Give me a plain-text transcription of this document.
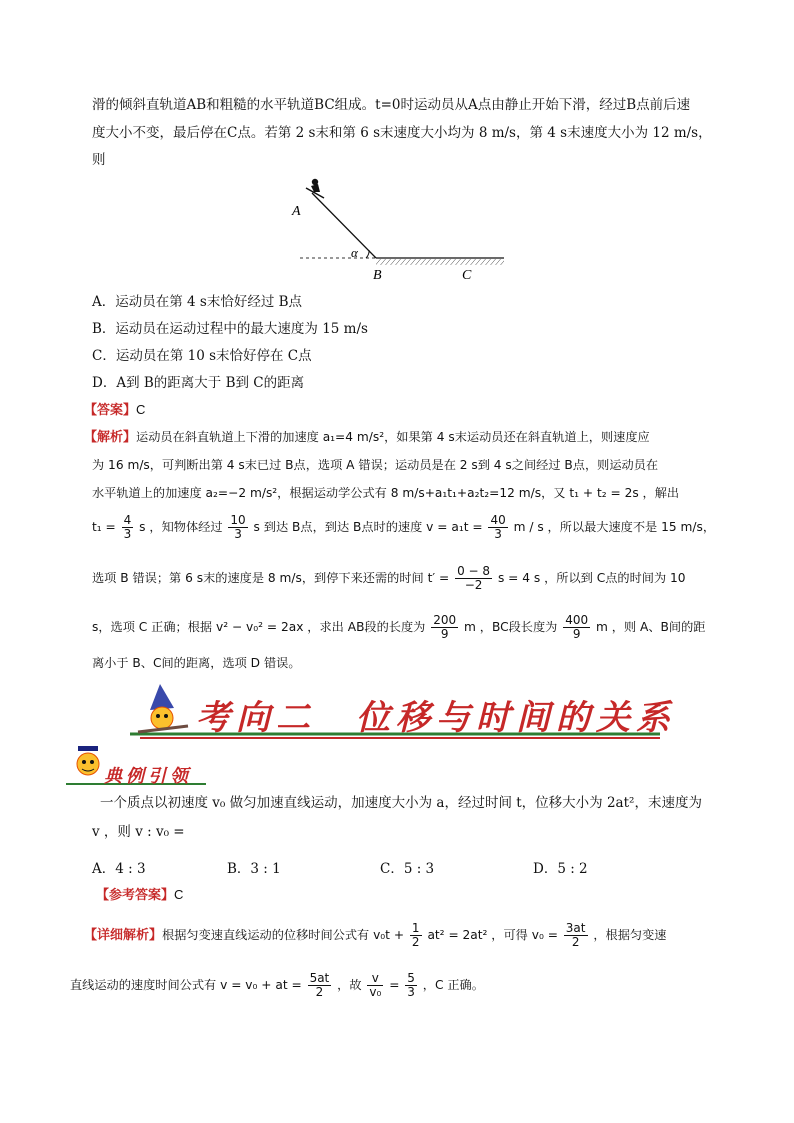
滑的倾斜直轨道AB和粗糙的水平轨道BC组成。t=0时运动员从A点由静止开始下滑，经过B点前后速
度大小不变，最后停在C点。若第 2 s末和第 6 s末速度大小均为 8 m/s，第 4 s末速度大小为 12 m/s，
则
A
α
B	C
A．运动员在第 4 s末恰好经过 B点
B．运动员在运动过程中的最大速度为 15 m/s
C．运动员在第 10 s末恰好停在 C点
D．A到 B的距离大于 B到 C的距离
【答案】C
【解析】运动员在斜直轨道上下滑的加速度 a₁=4 m/s²，如果第 4 s末运动员还在斜直轨道上，则速度应
为 16 m/s，可判断出第 4 s末已过 B点，选项 A 错误；运动员是在 2 s到 4 s之间经过 B点，则运动员在
水平轨道上的加速度 a₂=−2 m/s²，根据运动学公式有 8 m/s+a₁t₁+a₂t₂=12 m/s，又 t₁ + t₂ = 2s ，解出
$t_1 = \frac{4}{3}$ s ，知物体经过 $\frac{10}{3}$ s 到达 B点，到达 B点时的速度 $v = a_1t = \frac{40}{3}$ m / s ，所以最大速度不是 15 m/s，
选项 B 错误；第 6 s末的速度是 8 m/s，到停下来还需的时间 $t' = \frac{0 - 8}{-2}$ s = 4 s ，所以到 C点的时间为 10
s，选项 C 正确；根据 v² − v₀² = 2ax ，求出 AB段的长度为 $\frac{200}{9}$ m ，BC段长度为 $\frac{400}{9}$ m ，则 A、B间的距
离小于 B、C间的距离，选项 D 错误。
考向二　位移与时间的关系
典例引领
一个质点以初速度 v₀ 做匀加速直线运动，加速度大小为 a，经过时间 t，位移大小为 2at²，末速度为
v ，则 v : v₀ =
A．4 : 3	B．3 : 1	C．5 : 3	D．5 : 2
【参考答案】C
【详细解析】根据匀变速直线运动的位移时间公式有 $v_0t + \frac{1}{2} at^2 = 2at^2$ ，可得 $v_0 = \frac{3at}{2}$ ，根据匀变速
直线运动的速度时间公式有 v = v₀ + at = $\frac{5at}{2}$ ，故 $\frac{v}{\text{v₀}} = \frac{5}{3}$ ，C 正确。
